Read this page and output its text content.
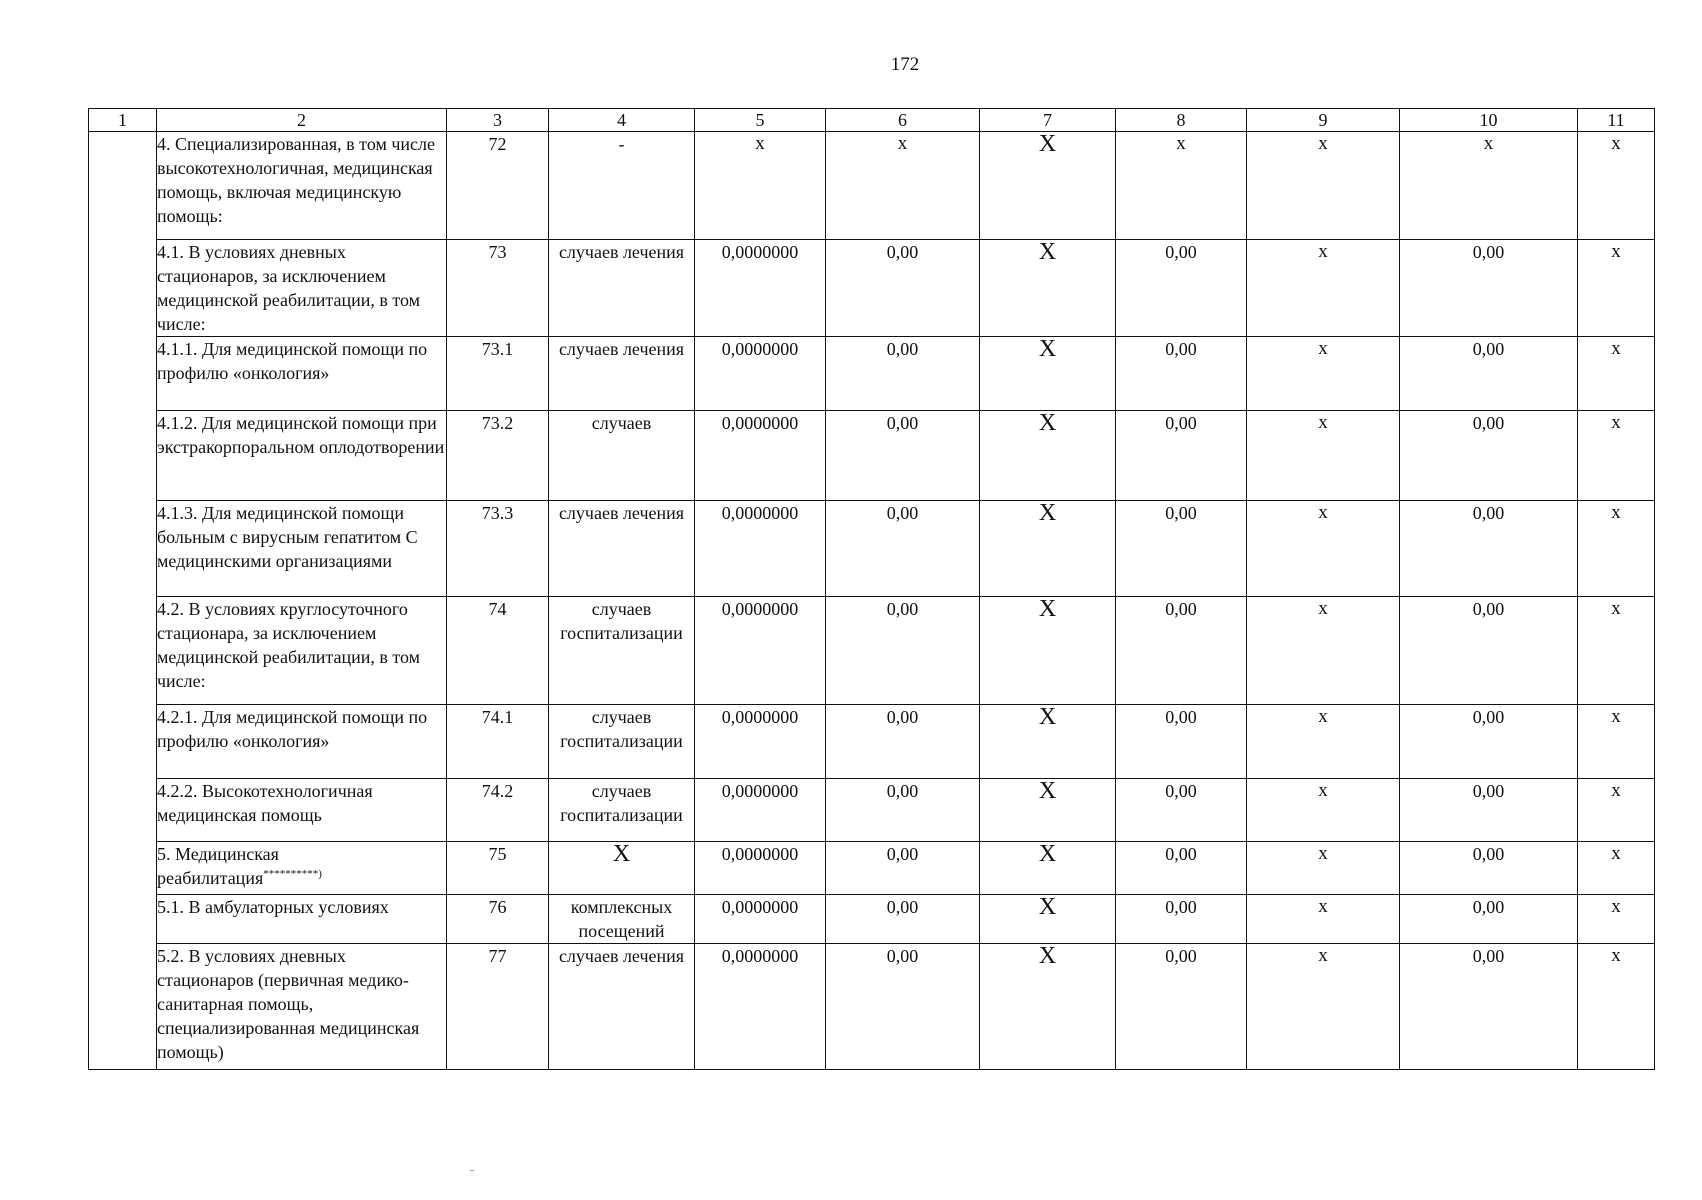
172
1	2	3	4	5	6	7	8	9	10	11
	4. Специализированная, в том числе высокотехнологичная, медицинская помощь, включая медицинскую помощь:	72	-	x	x	X	x	x	x	x
	4.1. В условиях дневных стационаров, за исключением медицинской реабилитации, в том числе:	73	случаев лечения	0,0000000	0,00	X	0,00	x	0,00	x
	4.1.1. Для медицинской помощи по профилю «онкология»	73.1	случаев лечения	0,0000000	0,00	X	0,00	x	0,00	x
	4.1.2. Для медицинской помощи при экстракорпоральном оплодотворении	73.2	случаев	0,0000000	0,00	X	0,00	x	0,00	x
	4.1.3. Для медицинской помощи больным с вирусным гепатитом С медицинскими организациями	73.3	случаев лечения	0,0000000	0,00	X	0,00	x	0,00	x
	4.2. В условиях круглосуточного стационара, за исключением медицинской реабилитации, в том числе:	74	случаев госпитализации	0,0000000	0,00	X	0,00	x	0,00	x
	4.2.1. Для медицинской помощи по профилю «онкология»	74.1	случаев госпитализации	0,0000000	0,00	X	0,00	x	0,00	x
	4.2.2. Высокотехнологичная медицинская помощь	74.2	случаев госпитализации	0,0000000	0,00	X	0,00	x	0,00	x
	5. Медицинская реабилитация**********)	75	X	0,0000000	0,00	X	0,00	x	0,00	x
	5.1. В амбулаторных условиях	76	комплексных посещений	0,0000000	0,00	X	0,00	x	0,00	x
	5.2. В условиях дневных стационаров (первичная медико-санитарная помощь, специализированная медицинская помощь)	77	случаев лечения	0,0000000	0,00	X	0,00	x	0,00	x
